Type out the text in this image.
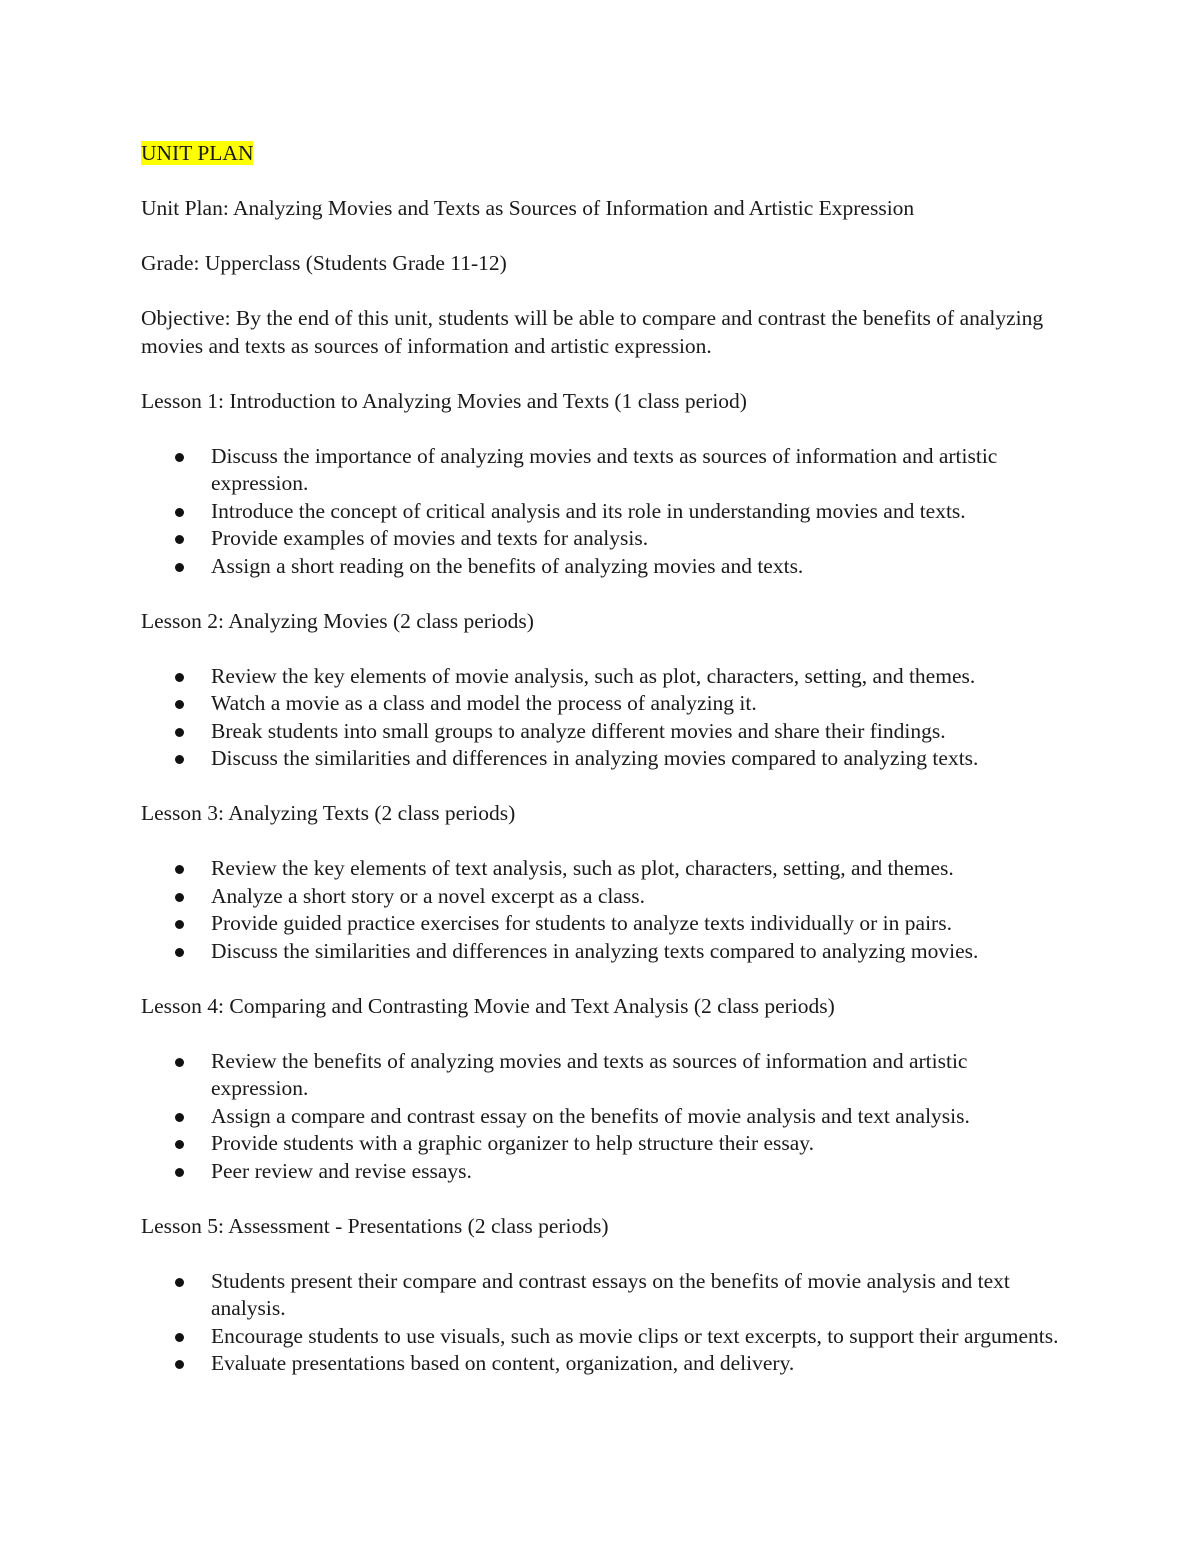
UNIT PLAN

Unit Plan: Analyzing Movies and Texts as Sources of Information and Artistic Expression

Grade: Upperclass (Students Grade 11-12)

Objective: By the end of this unit, students will be able to compare and contrast the benefits of analyzing movies and texts as sources of information and artistic expression.

Lesson 1: Introduction to Analyzing Movies and Texts (1 class period)

Discuss the importance of analyzing movies and texts as sources of information and artistic expression.
Introduce the concept of critical analysis and its role in understanding movies and texts.
Provide examples of movies and texts for analysis.
Assign a short reading on the benefits of analyzing movies and texts.

Lesson 2: Analyzing Movies (2 class periods)

Review the key elements of movie analysis, such as plot, characters, setting, and themes.
Watch a movie as a class and model the process of analyzing it.
Break students into small groups to analyze different movies and share their findings.
Discuss the similarities and differences in analyzing movies compared to analyzing texts.

Lesson 3: Analyzing Texts (2 class periods)

Review the key elements of text analysis, such as plot, characters, setting, and themes.
Analyze a short story or a novel excerpt as a class.
Provide guided practice exercises for students to analyze texts individually or in pairs.
Discuss the similarities and differences in analyzing texts compared to analyzing movies.

Lesson 4: Comparing and Contrasting Movie and Text Analysis (2 class periods)

Review the benefits of analyzing movies and texts as sources of information and artistic expression.
Assign a compare and contrast essay on the benefits of movie analysis and text analysis.
Provide students with a graphic organizer to help structure their essay.
Peer review and revise essays.

Lesson 5: Assessment - Presentations (2 class periods)

Students present their compare and contrast essays on the benefits of movie analysis and text analysis.
Encourage students to use visuals, such as movie clips or text excerpts, to support their arguments.
Evaluate presentations based on content, organization, and delivery.
